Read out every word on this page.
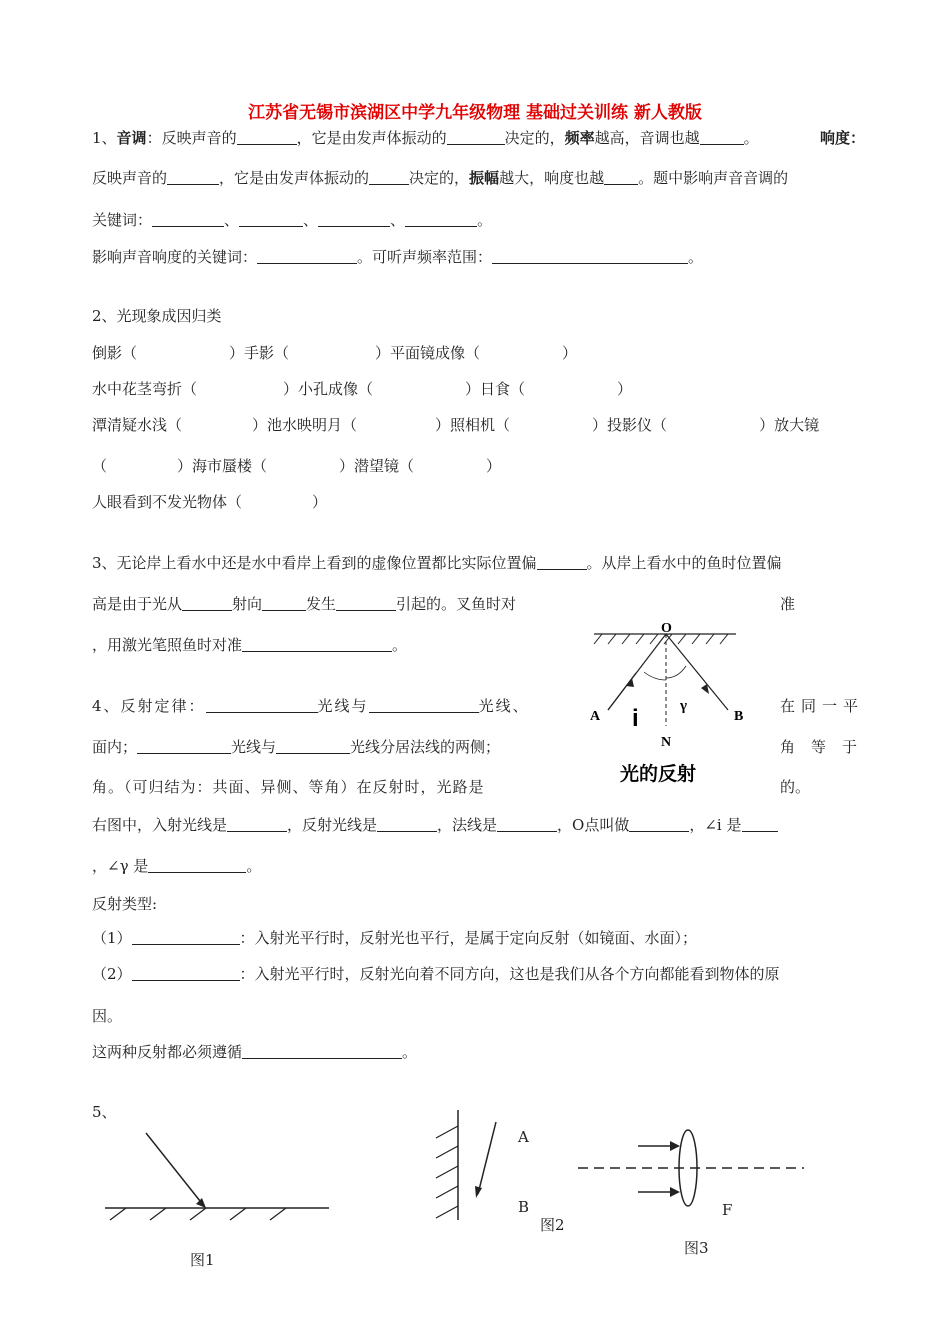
江苏省无锡市滨湖区中学九年级物理 基础过关训练 新人教版
1、音调：反映声音的	，它是由发声体振动的	决定的，频率越高，音调也越	。	响度：
反映声音的	，它是由发声体振动的	决定的，振幅越大，响度也越 。题中影响声音音调的
关键词：	、	、	、	。
影响声音响度的关键词：	。可听声频率范围：	。
2、光现象成因归类
倒影（	）手影（	）平面镜成像（	）
水中花茎弯折（	）小孔成像（	）日食（	）
潭清疑水浅（	）池水映明月（	）照相机（	）投影仪（	）放大镜
（	）海市蜃楼（	）潜望镜（	）
人眼看到不发光物体（	）
3、无论岸上看水中还是水中看岸上看到的虚像位置都比实际位置偏	。从岸上看水中的鱼时位置偏
高是由于光从	射向	发生	引起的。叉鱼时对	准
，用激光笔照鱼时对准	。
4、反射定律：	光线与	光线、	在同一平
面内；	光线与	光线分居法线的两侧；	角等于
角。（可归结为：共面、异侧、等角）在反射时，光路是	的。
右图中，入射光线是	，反射光线是	，法线是	，O点叫做	，∠i 是
，∠γ 是	。
反射类型:
（1）	：入射光平行时，反射光也平行，是属于定向反射（如镜面、水面）；
（2）	：入射光平行时，反射光向着不同方向，这也是我们从各个方向都能看到物体的原
因。
这两种反射都必须遵循	。
O
A	B
N
i	γ
光的反射
5、
图1
A
B
图2
F
图3
